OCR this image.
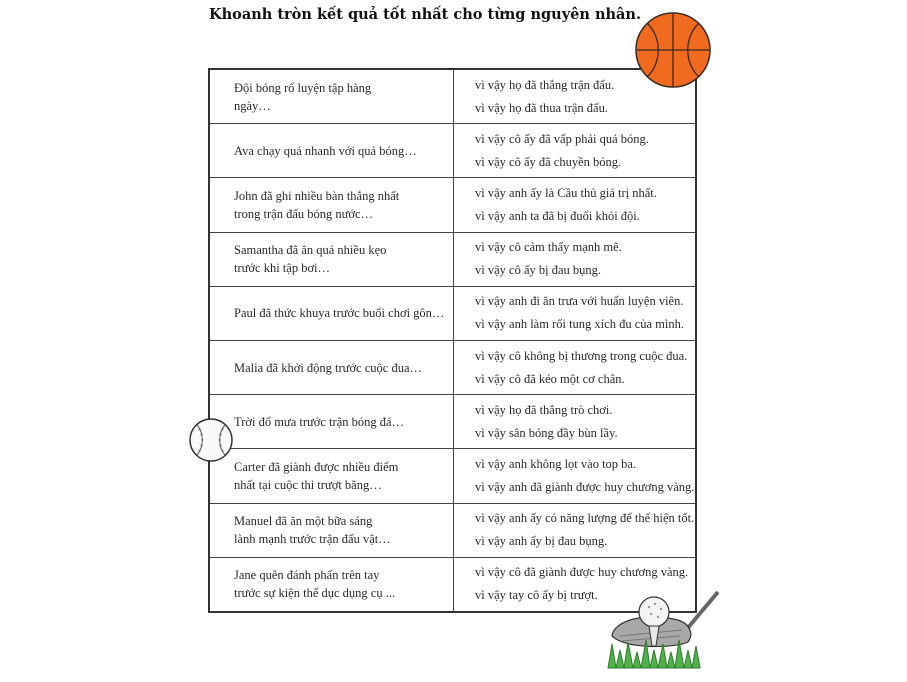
Khoanh tròn kết quả tốt nhất cho từng nguyên nhân.
Đội bóng rổ luyện tập hàng
ngày…
vì vậy họ đã thắng trận đấu.
vì vậy họ đã thua trận đấu.
Ava chạy quá nhanh với quả bóng…
vì vậy cô ấy đã vấp phải quả bóng.
vì vậy cô ấy đã chuyền bóng.
John đã ghi nhiều bàn thắng nhất
trong trận đấu bóng nước…
vì vậy anh ấy là Cầu thủ giá trị nhất.
vì vậy anh ta đã bị đuổi khỏi đội.
Samantha đã ăn quá nhiều kẹo
trước khi tập bơi…
vì vậy cô cảm thấy mạnh mẽ.
vì vậy cô ấy bị đau bụng.
Paul đã thức khuya trước buổi chơi gôn…
vì vậy anh đi ăn trưa với huấn luyện viên.
vì vậy anh làm rối tung xích đu của mình.
Malia đã khởi động trước cuộc đua…
vì vậy cô không bị thương trong cuộc đua.
vì vậy cô đã kéo một cơ chân.
Trời đổ mưa trước trận bóng đá…
vì vậy họ đã thắng trò chơi.
vì vậy sân bóng đầy bùn lầy.
Carter đã giành được nhiều điểm
nhất tại cuộc thi trượt băng…
vì vậy anh không lọt vào top ba.
vì vậy anh đã giành được huy chương vàng.
Manuel đã ăn một bữa sáng
lành mạnh trước trận đấu vật…
vì vậy anh ấy có năng lượng để thể hiện tốt.
vì vậy anh ấy bị đau bụng.
Jane quên đánh phấn trên tay
trước sự kiện thể dục dụng cụ ...
vì vậy cô đã giành được huy chương vàng.
vì vậy tay cô ấy bị trượt.
